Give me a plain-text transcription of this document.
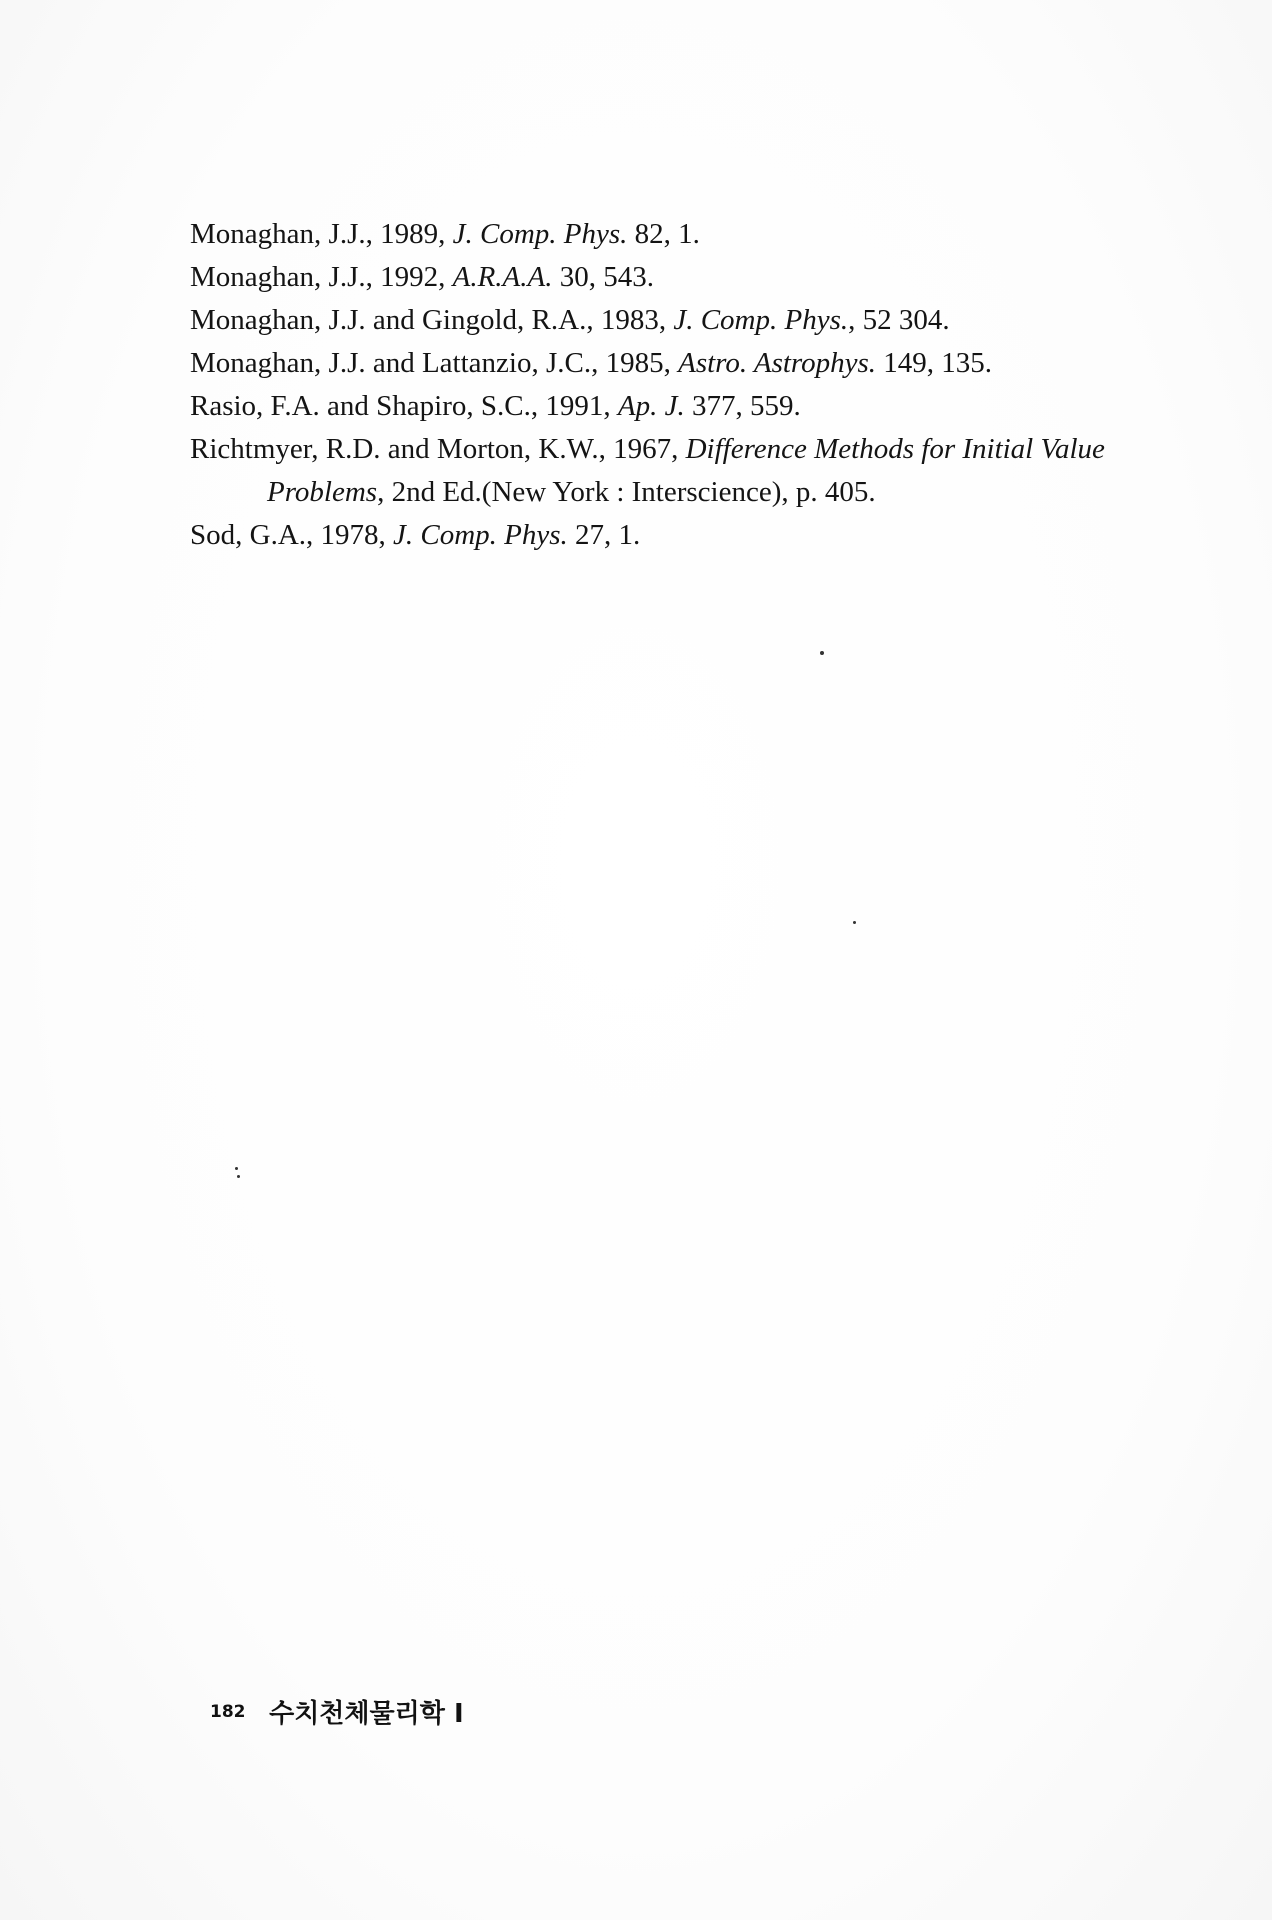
Monaghan, J.J., 1989, J. Comp. Phys. 82, 1.
Monaghan, J.J., 1992, A.R.A.A. 30, 543.
Monaghan, J.J. and Gingold, R.A., 1983, J. Comp. Phys., 52 304.
Monaghan, J.J. and Lattanzio, J.C., 1985, Astro. Astrophys. 149, 135.
Rasio, F.A. and Shapiro, S.C., 1991, Ap. J. 377, 559.
Richtmyer, R.D. and Morton, K.W., 1967, Difference Methods for Initial Value
Problems, 2nd Ed.(New York : Interscience), p. 405.
Sod, G.A., 1978, J. Comp. Phys. 27, 1.
182 수치천체물리학 I
